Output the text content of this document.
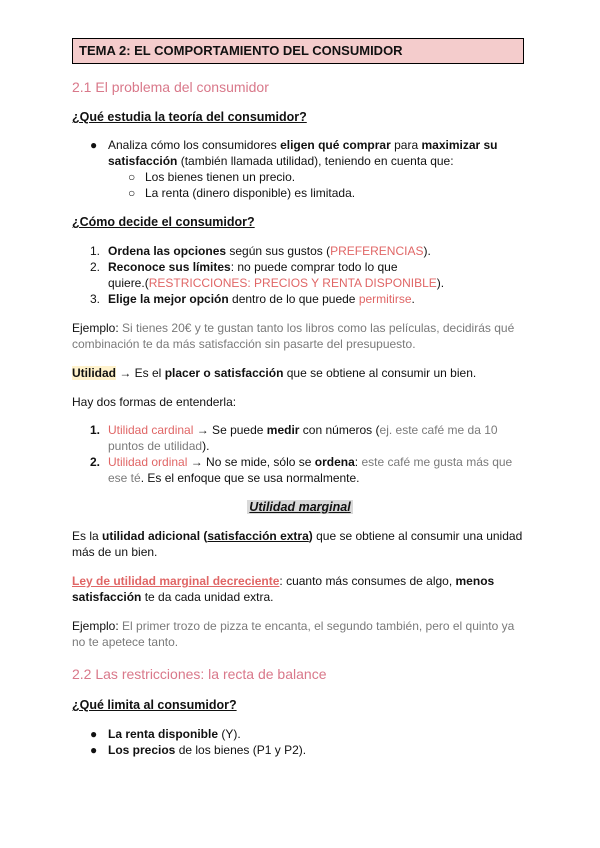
TEMA 2: EL COMPORTAMIENTO DEL CONSUMIDOR
2.1 El problema del consumidor
¿Qué estudia la teoría del consumidor?
● Analiza cómo los consumidores eligen qué comprar para maximizar su
satisfacción (también llamada utilidad), teniendo en cuenta que:
○ Los bienes tienen un precio.
○ La renta (dinero disponible) es limitada.
¿Cómo decide el consumidor?
1. Ordena las opciones según sus gustos (PREFERENCIAS).
2. Reconoce sus límites: no puede comprar todo lo que
quiere.(RESTRICCIONES: PRECIOS Y RENTA DISPONIBLE).
3. Elige la mejor opción dentro de lo que puede permitirse.
Ejemplo: Si tienes 20€ y te gustan tanto los libros como las películas, decidirás qué
combinación te da más satisfacción sin pasarte del presupuesto.
Utilidad → Es el placer o satisfacción que se obtiene al consumir un bien.
Hay dos formas de entenderla:
1. Utilidad cardinal → Se puede medir con números (ej. este café me da 10
puntos de utilidad).
2. Utilidad ordinal → No se mide, sólo se ordena: este café me gusta más que
ese té. Es el enfoque que se usa normalmente.
Utilidad marginal
Es la utilidad adicional (satisfacción extra) que se obtiene al consumir una unidad
más de un bien.
Ley de utilidad marginal decreciente: cuanto más consumes de algo, menos
satisfacción te da cada unidad extra.
Ejemplo: El primer trozo de pizza te encanta, el segundo también, pero el quinto ya
no te apetece tanto.
2.2 Las restricciones: la recta de balance
¿Qué limita al consumidor?
● La renta disponible (Y).
● Los precios de los bienes (P1 y P2).
